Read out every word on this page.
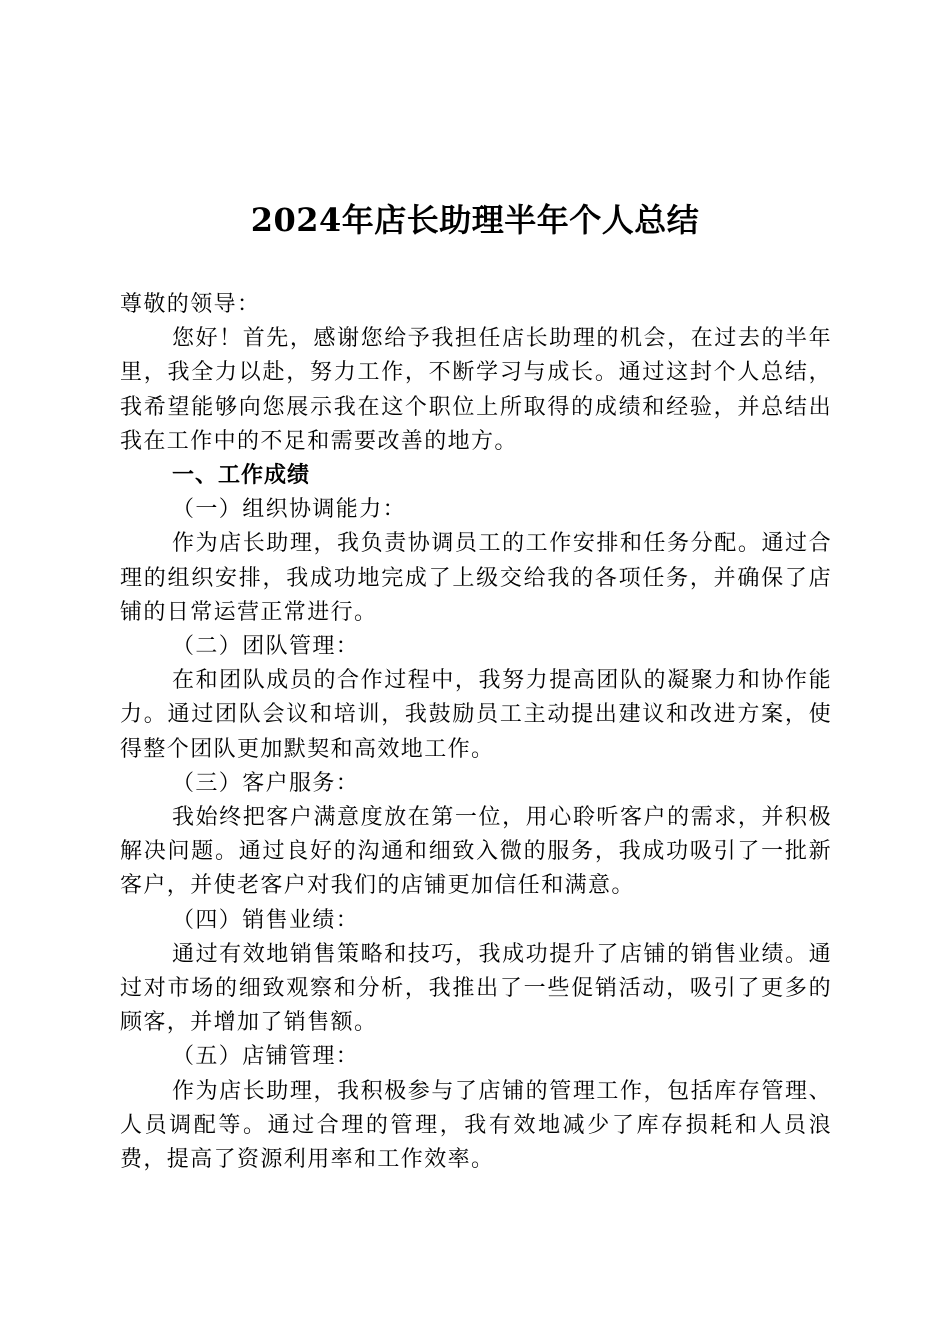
2024年店长助理半年个人总结

尊敬的领导：

您好！首先，感谢您给予我担任店长助理的机会，在过去的半年里，我全力以赴，努力工作，不断学习与成长。通过这封个人总结，我希望能够向您展示我在这个职位上所取得的成绩和经验，并总结出我在工作中的不足和需要改善的地方。

一、工作成绩

（一）组织协调能力：

作为店长助理，我负责协调员工的工作安排和任务分配。通过合理的组织安排，我成功地完成了上级交给我的各项任务，并确保了店铺的日常运营正常进行。

（二）团队管理：

在和团队成员的合作过程中，我努力提高团队的凝聚力和协作能力。通过团队会议和培训，我鼓励员工主动提出建议和改进方案，使得整个团队更加默契和高效地工作。

（三）客户服务：

我始终把客户满意度放在第一位，用心聆听客户的需求，并积极解决问题。通过良好的沟通和细致入微的服务，我成功吸引了一批新客户，并使老客户对我们的店铺更加信任和满意。

（四）销售业绩：

通过有效地销售策略和技巧，我成功提升了店铺的销售业绩。通过对市场的细致观察和分析，我推出了一些促销活动，吸引了更多的顾客，并增加了销售额。

（五）店铺管理：

作为店长助理，我积极参与了店铺的管理工作，包括库存管理、人员调配等。通过合理的管理，我有效地减少了库存损耗和人员浪费，提高了资源利用率和工作效率。
